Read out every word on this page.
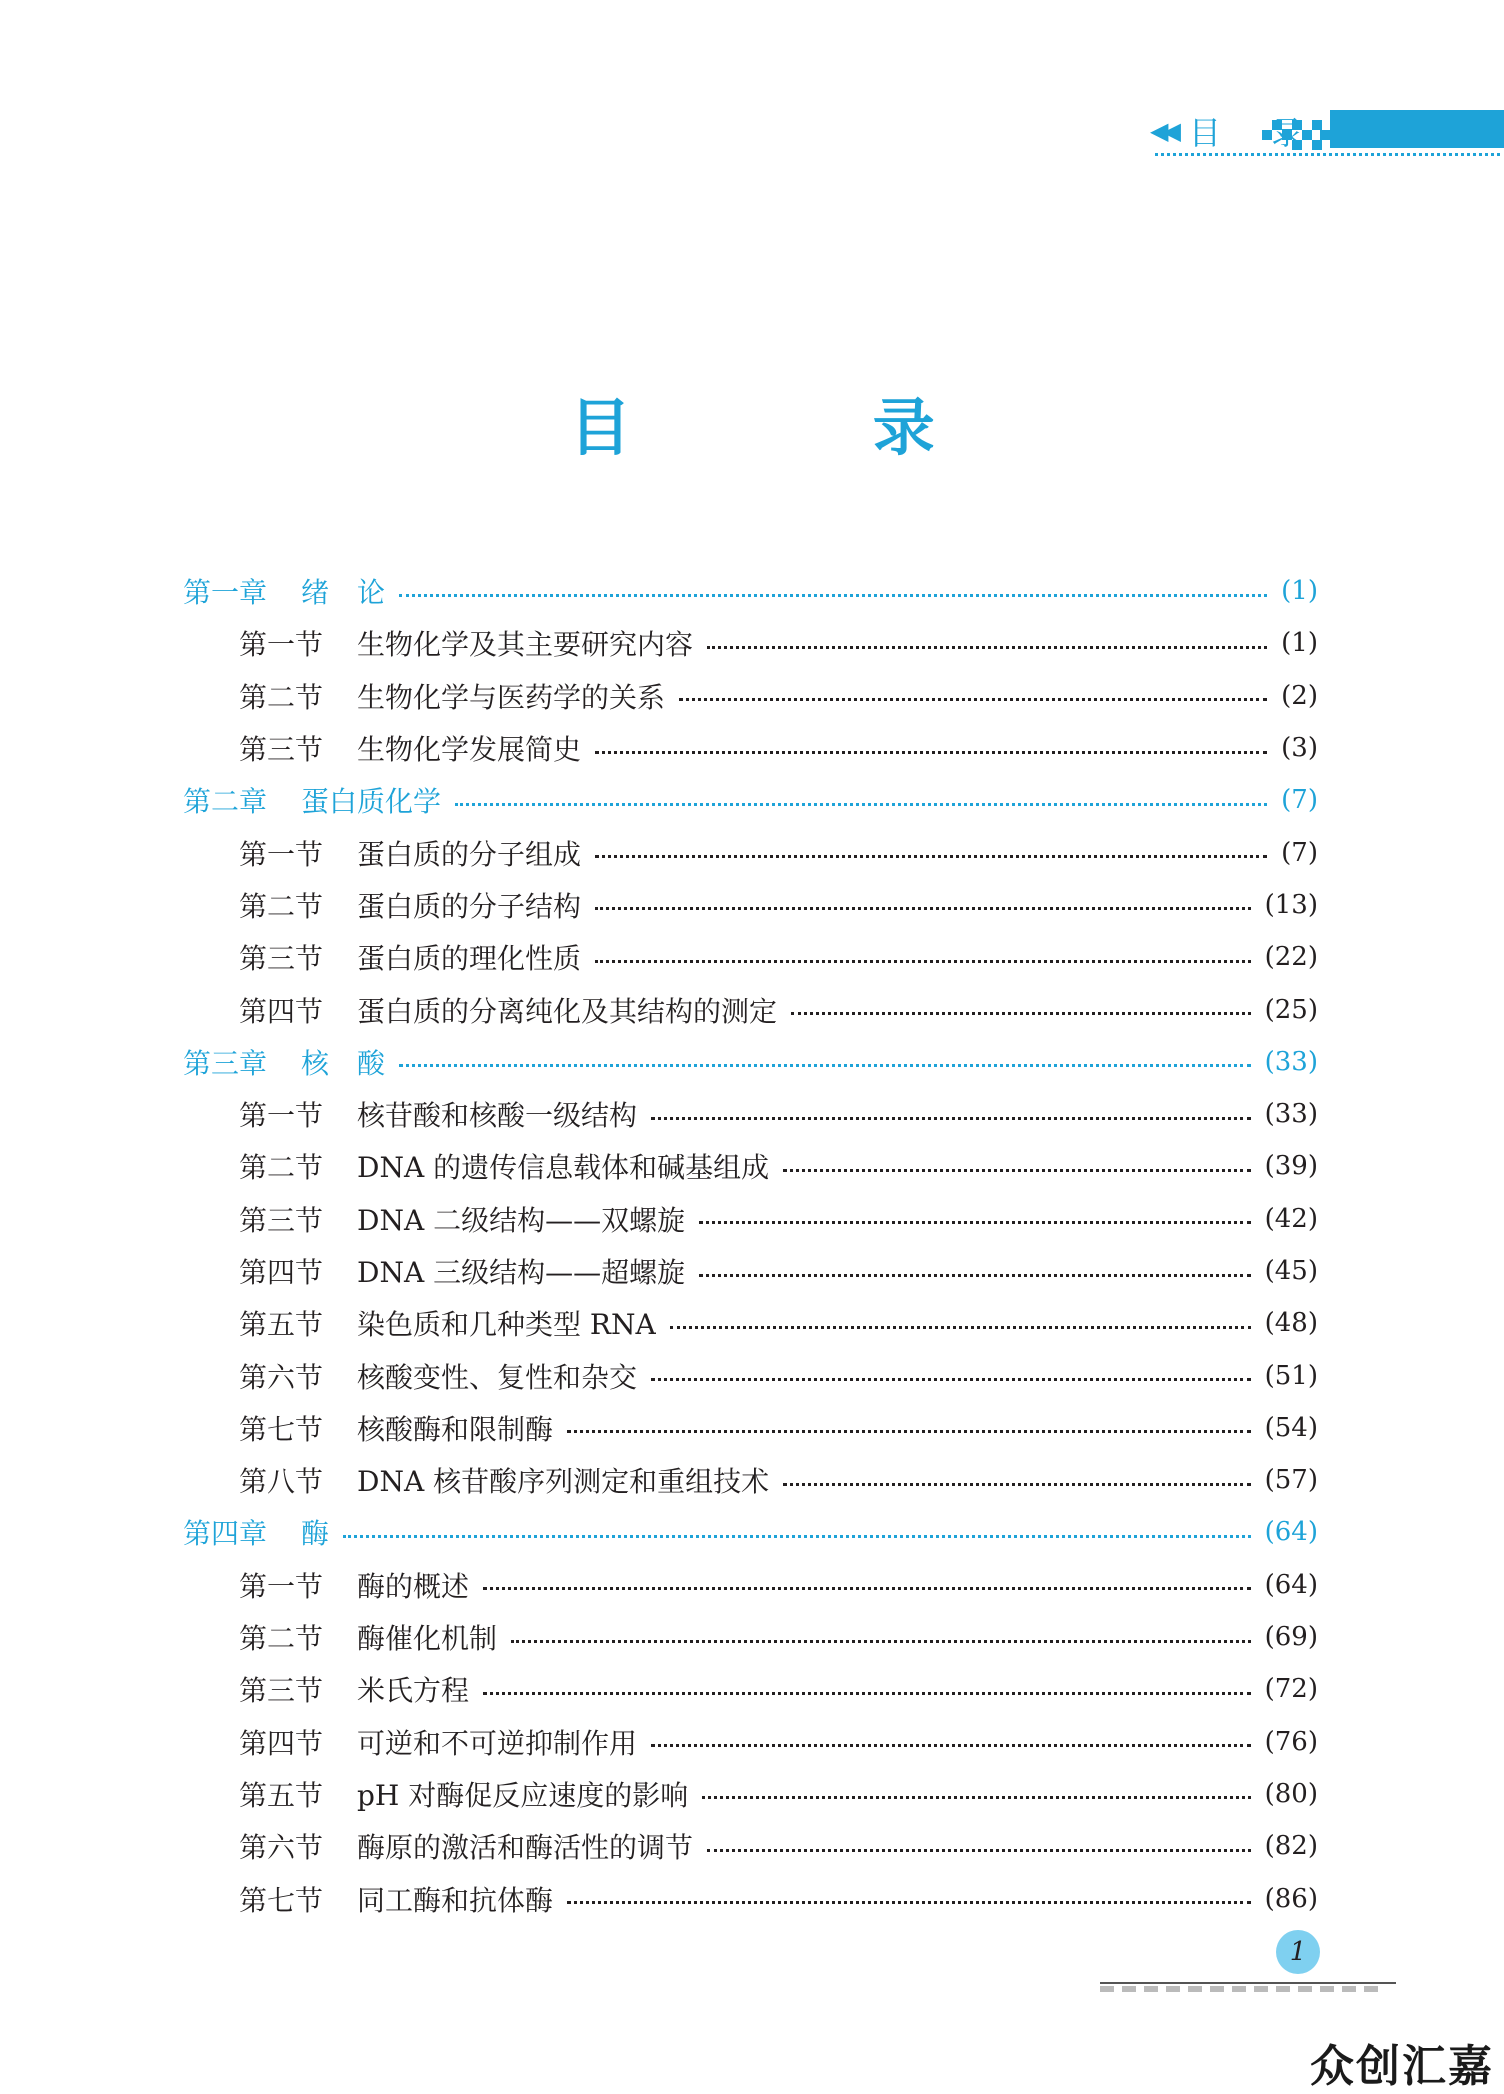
◀◀ 目 录
目 录
第一章 绪　论	(1)
第一节 生物化学及其主要研究内容	(1)
第二节 生物化学与医药学的关系	(2)
第三节 生物化学发展简史	(3)
第二章 蛋白质化学	(7)
第一节 蛋白质的分子组成	(7)
第二节 蛋白质的分子结构	(13)
第三节 蛋白质的理化性质	(22)
第四节 蛋白质的分离纯化及其结构的测定	(25)
第三章 核　酸	(33)
第一节 核苷酸和核酸一级结构	(33)
第二节 DNA 的遗传信息载体和碱基组成	(39)
第三节 DNA 二级结构——双螺旋	(42)
第四节 DNA 三级结构——超螺旋	(45)
第五节 染色质和几种类型 RNA	(48)
第六节 核酸变性、复性和杂交	(51)
第七节 核酸酶和限制酶	(54)
第八节 DNA 核苷酸序列测定和重组技术	(57)
第四章 酶	(64)
第一节 酶的概述	(64)
第二节 酶催化机制	(69)
第三节 米氏方程	(72)
第四节 可逆和不可逆抑制作用	(76)
第五节 pH 对酶促反应速度的影响	(80)
第六节 酶原的激活和酶活性的调节	(82)
第七节 同工酶和抗体酶	(86)
1
众创汇嘉
